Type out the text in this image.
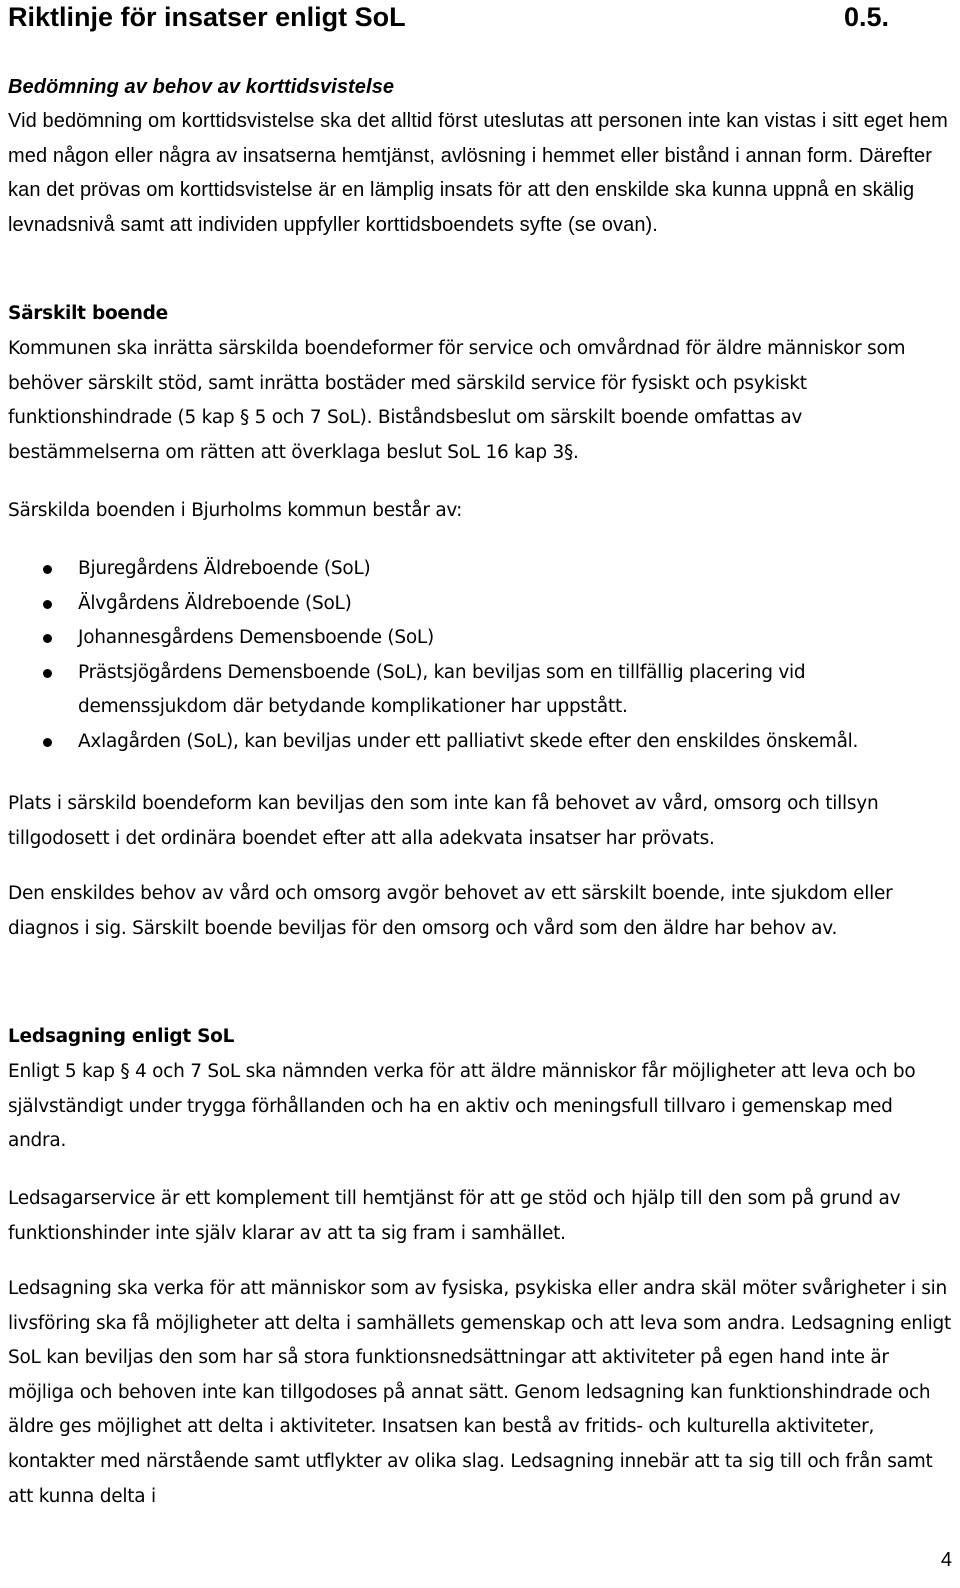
Riktlinje för insatser enligt SoL	0.5.
Bedömning av behov av korttidsvistelse

Vid bedömning om korttidsvistelse ska det alltid först uteslutas att personen inte kan vistas i sitt eget hem med någon eller några av insatserna hemtjänst, avlösning i hemmet eller bistånd i annan form. Därefter kan det prövas om korttidsvistelse är en lämplig insats för att den enskilde ska kunna uppnå en skälig levnadsnivå samt att individen uppfyller korttidsboendets syfte (se ovan).

Särskilt boende

Kommunen ska inrätta särskilda boendeformer för service och omvårdnad för äldre människor som behöver särskilt stöd, samt inrätta bostäder med särskild service för fysiskt och psykiskt funktionshindrade (5 kap § 5 och 7 SoL). Biståndsbeslut om särskilt boende omfattas av bestämmelserna om rätten att överklaga beslut SoL 16 kap 3§.

Särskilda boenden i Bjurholms kommun består av:

Bjuregårdens Äldreboende (SoL)
Älvgårdens Äldreboende (SoL)
Johannesgårdens Demensboende (SoL)
Prästsjögårdens Demensboende (SoL), kan beviljas som en tillfällig placering vid demenssjukdom där betydande komplikationer har uppstått.
Axlagården (SoL), kan beviljas under ett palliativt skede efter den enskildes önskemål.

Plats i särskild boendeform kan beviljas den som inte kan få behovet av vård, omsorg och tillsyn tillgodosett i det ordinära boendet efter att alla adekvata insatser har prövats.

Den enskildes behov av vård och omsorg avgör behovet av ett särskilt boende, inte sjukdom eller diagnos i sig. Särskilt boende beviljas för den omsorg och vård som den äldre har behov av.

Ledsagning enligt SoL

Enligt 5 kap § 4 och 7 SoL ska nämnden verka för att äldre människor får möjligheter att leva och bo självständigt under trygga förhållanden och ha en aktiv och meningsfull tillvaro i gemenskap med andra.

Ledsagarservice är ett komplement till hemtjänst för att ge stöd och hjälp till den som på grund av funktionshinder inte själv klarar av att ta sig fram i samhället.

Ledsagning ska verka för att människor som av fysiska, psykiska eller andra skäl möter svårigheter i sin livsföring ska få möjligheter att delta i samhällets gemenskap och att leva som andra. Ledsagning enligt SoL kan beviljas den som har så stora funktionsnedsättningar att aktiviteter på egen hand inte är möjliga och behoven inte kan tillgodoses på annat sätt. Genom ledsagning kan funktionshindrade och äldre ges möjlighet att delta i aktiviteter. Insatsen kan bestå av fritids- och kulturella aktiviteter, kontakter med närstående samt utflykter av olika slag. Ledsagning innebär att ta sig till och från samt att kunna delta i

4
